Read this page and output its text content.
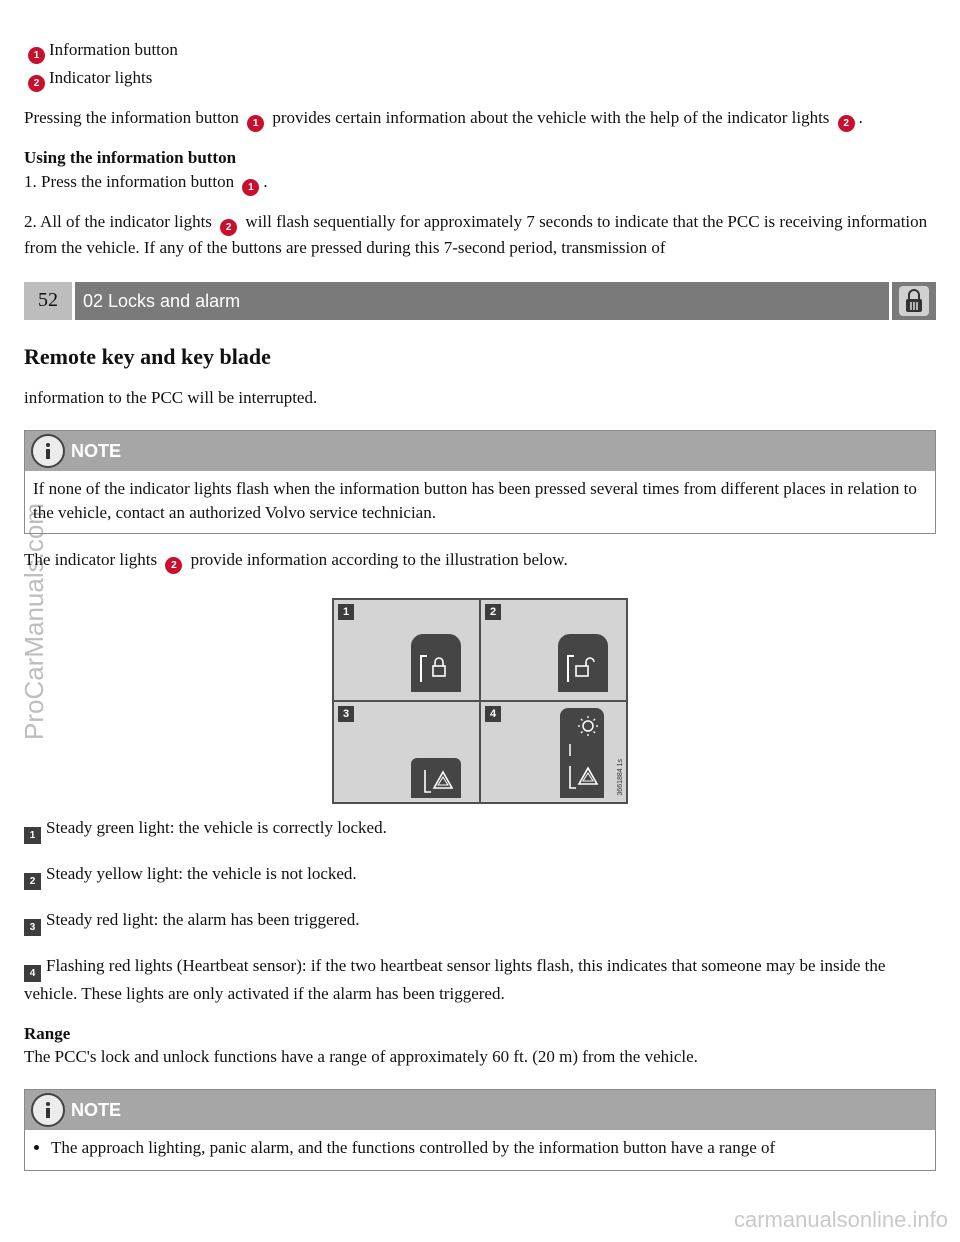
ProCarManuals.com

1 Information button

2 Indicator lights

Pressing the information button 1 provides certain information about the vehicle with the help of the indicator lights 2 .

Using the information button

1. Press the information button 1 .

2. All of the indicator lights 2 will flash sequentially for approximately 7 seconds to indicate that the PCC is receiving information from the vehicle. If any of the buttons are pressed during this 7-second period, transmission of

52	02 Locks and alarm
Remote key and key blade

information to the PCC will be interrupted.

NOTE
If none of the indicator lights flash when the information button has been pressed several times from different places in relation to the vehicle, contact an authorized Volvo service technician.

The indicator lights 2 provide information according to the illustration below.

1	2
3	4
3661884 1s

1 Steady green light: the vehicle is correctly locked.

2 Steady yellow light: the vehicle is not locked.

3 Steady red light: the alarm has been triggered.

4 Flashing red lights (Heartbeat sensor): if the two heartbeat sensor lights flash, this indicates that someone may be inside the vehicle. These lights are only activated if the alarm has been triggered.

Range

The PCC's lock and unlock functions have a range of approximately 60 ft. (20 m) from the vehicle.

NOTE
• The approach lighting, panic alarm, and the functions controlled by the information button have a range of
carmanualsonline.info
